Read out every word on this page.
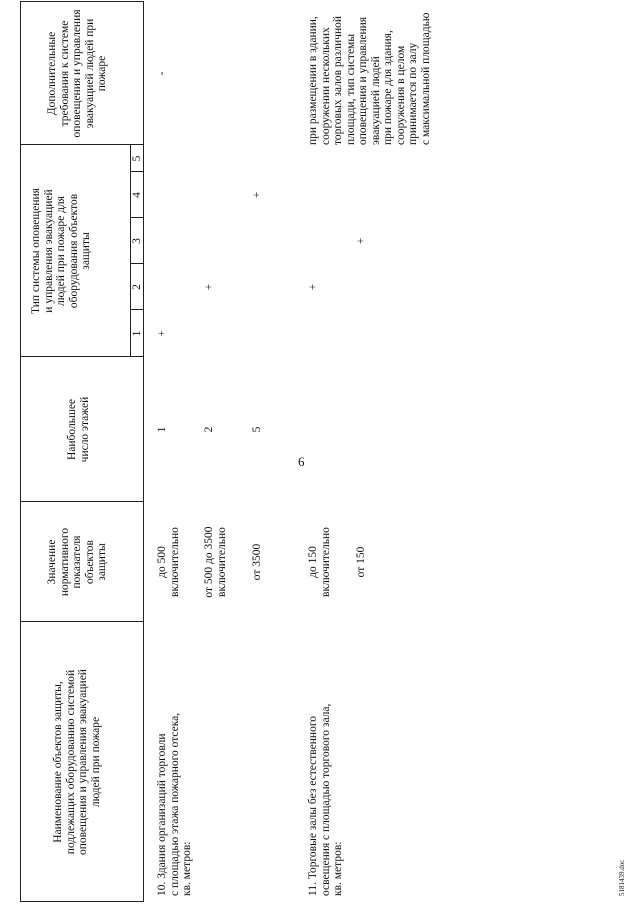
6
5181439.doc
Наименование объектов защиты,
подлежащих оборудованию системой
оповещения и управления эвакуацией
людей при пожаре
Значение
нормативного
показателя
объектов
защиты
Наибольшее
число этажей
Тип системы оповещения
и управления эвакуацией
людей при пожаре для
оборудования объектов
защиты
1
2
3
4
5
Дополнительные
требования к системе
оповещения и управления
эвакуацией людей при
пожаре
10. Здания организаций торговли
с площадью этажа пожарного отсека,
кв. метров:
до 500
включительно
1
+
-
от 500 до 3500
включительно
2
+
от 3500
5
+
11. Торговые залы без естественного
освещения с площадью торгового зала,
кв. метров:
до 150
включительно
+
при размещении в здании,
сооружении нескольких
торговых залов различной
площади, тип системы
оповещения и управления
эвакуацией людей
при пожаре для здания,
сооружения в целом
принимается по залу
с максимальной площадью
от 150
+
